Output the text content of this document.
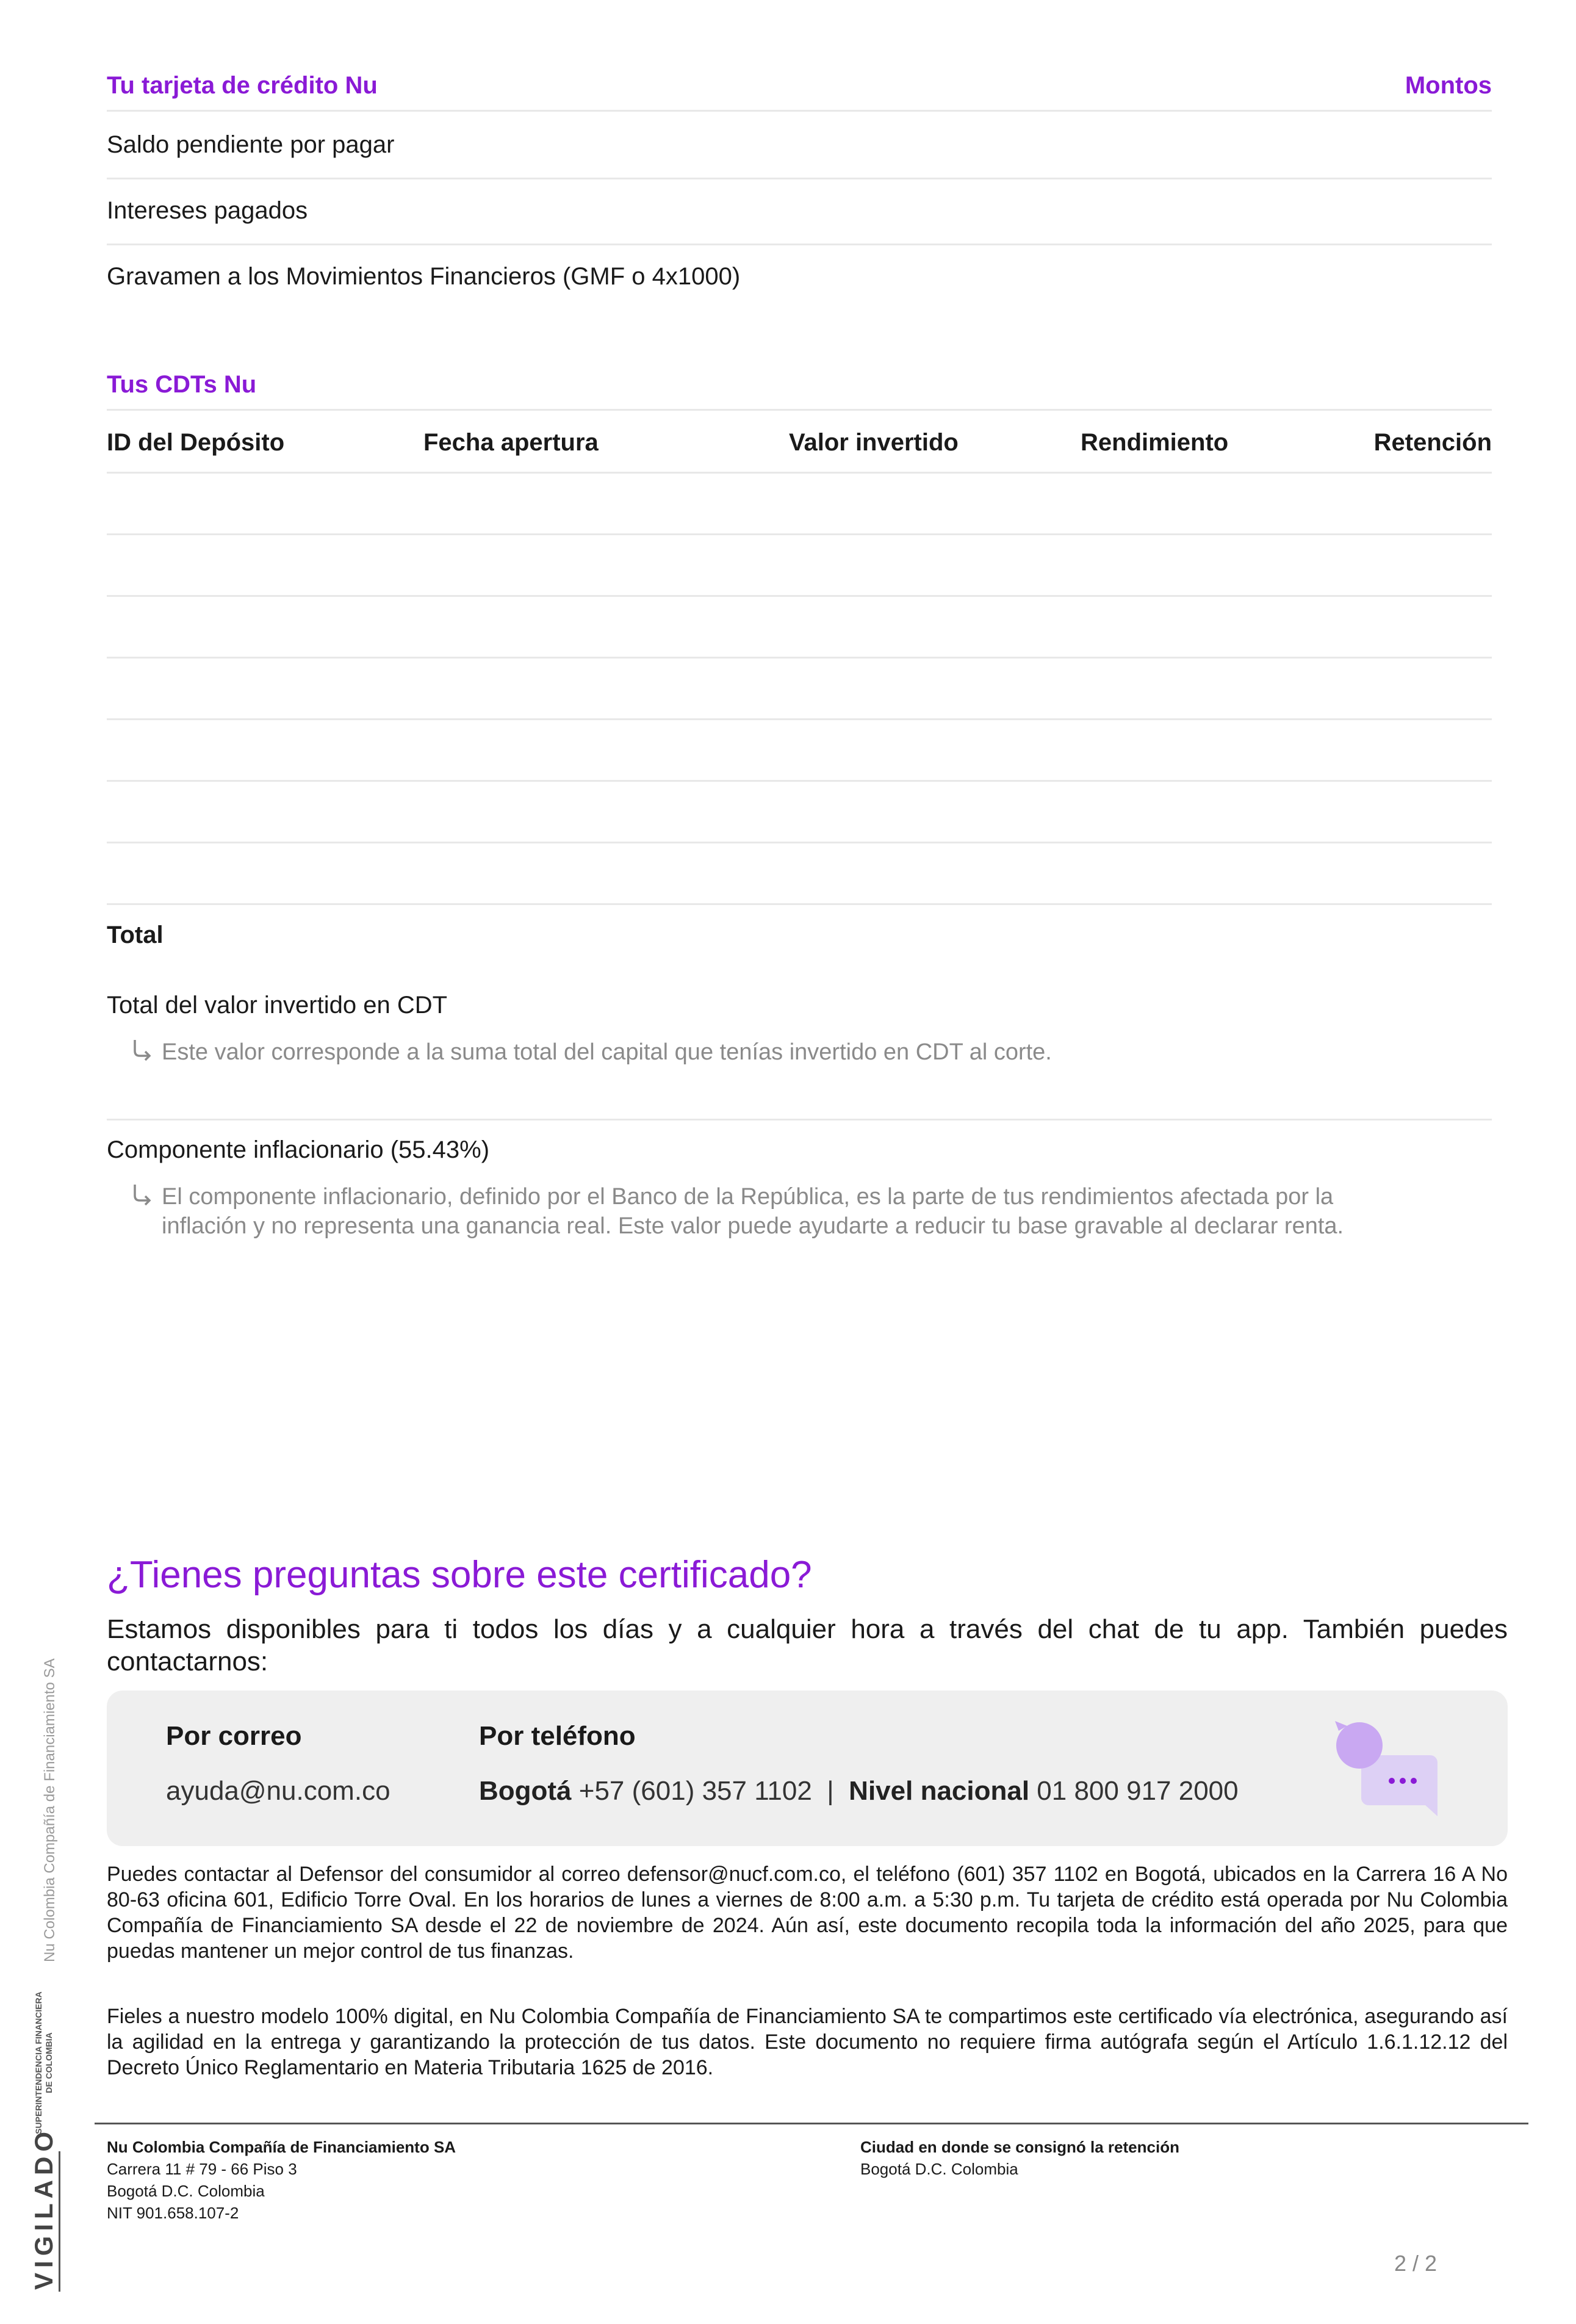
Tu tarjeta de crédito Nu	Montos
Saldo pendiente por pagar
Intereses pagados
Gravamen a los Movimientos Financieros (GMF o 4x1000)
Tus CDTs Nu
ID del Depósito	Fecha apertura	Valor invertido	Rendimiento	Retención
Total
Total del valor invertido en CDT
Este valor corresponde a la suma total del capital que tenías invertido en CDT al corte.
Componente inflacionario (55.43%)
El componente inflacionario, definido por el Banco de la República, es la parte de tus rendimientos afectada por la inflación y no representa una ganancia real. Este valor puede ayudarte a reducir tu base gravable al declarar renta.
¿Tienes preguntas sobre este certificado?
Estamos disponibles para ti todos los días y a cualquier hora a través del chat de tu app. También puedes contactarnos:
Por correo
ayuda@nu.com.co
Por teléfono
Bogotá +57 (601) 357 1102 | Nivel nacional 01 800 917 2000
Puedes contactar al Defensor del consumidor al correo defensor@nucf.com.co, el teléfono (601) 357 1102 en Bogotá, ubicados en la Carrera 16 A No 80-63 oficina 601, Edificio Torre Oval. En los horarios de lunes a viernes de 8:00 a.m. a 5:30 p.m. Tu tarjeta de crédito está operada por Nu Colombia Compañía de Financiamiento SA desde el 22 de noviembre de 2024. Aún así, este documento recopila toda la información del año 2025, para que puedas mantener un mejor control de tus finanzas.
Fieles a nuestro modelo 100% digital, en Nu Colombia Compañía de Financiamiento SA te compartimos este certificado vía electrónica, asegurando así la agilidad en la entrega y garantizando la protección de tus datos. Este documento no requiere firma autógrafa según el Artículo 1.6.1.12.12 del Decreto Único Reglamentario en Materia Tributaria 1625 de 2016.
Nu Colombia Compañía de Financiamiento SA
Carrera 11 # 79 - 66 Piso 3
Bogotá D.C. Colombia
NIT 901.658.107-2
Ciudad en donde se consignó la retención
Bogotá D.C. Colombia
2 / 2
Nu Colombia Compañía de Financiamiento SA
SUPERINTENDENCIA FINANCIERA DE COLOMBIA
VIGILADO
